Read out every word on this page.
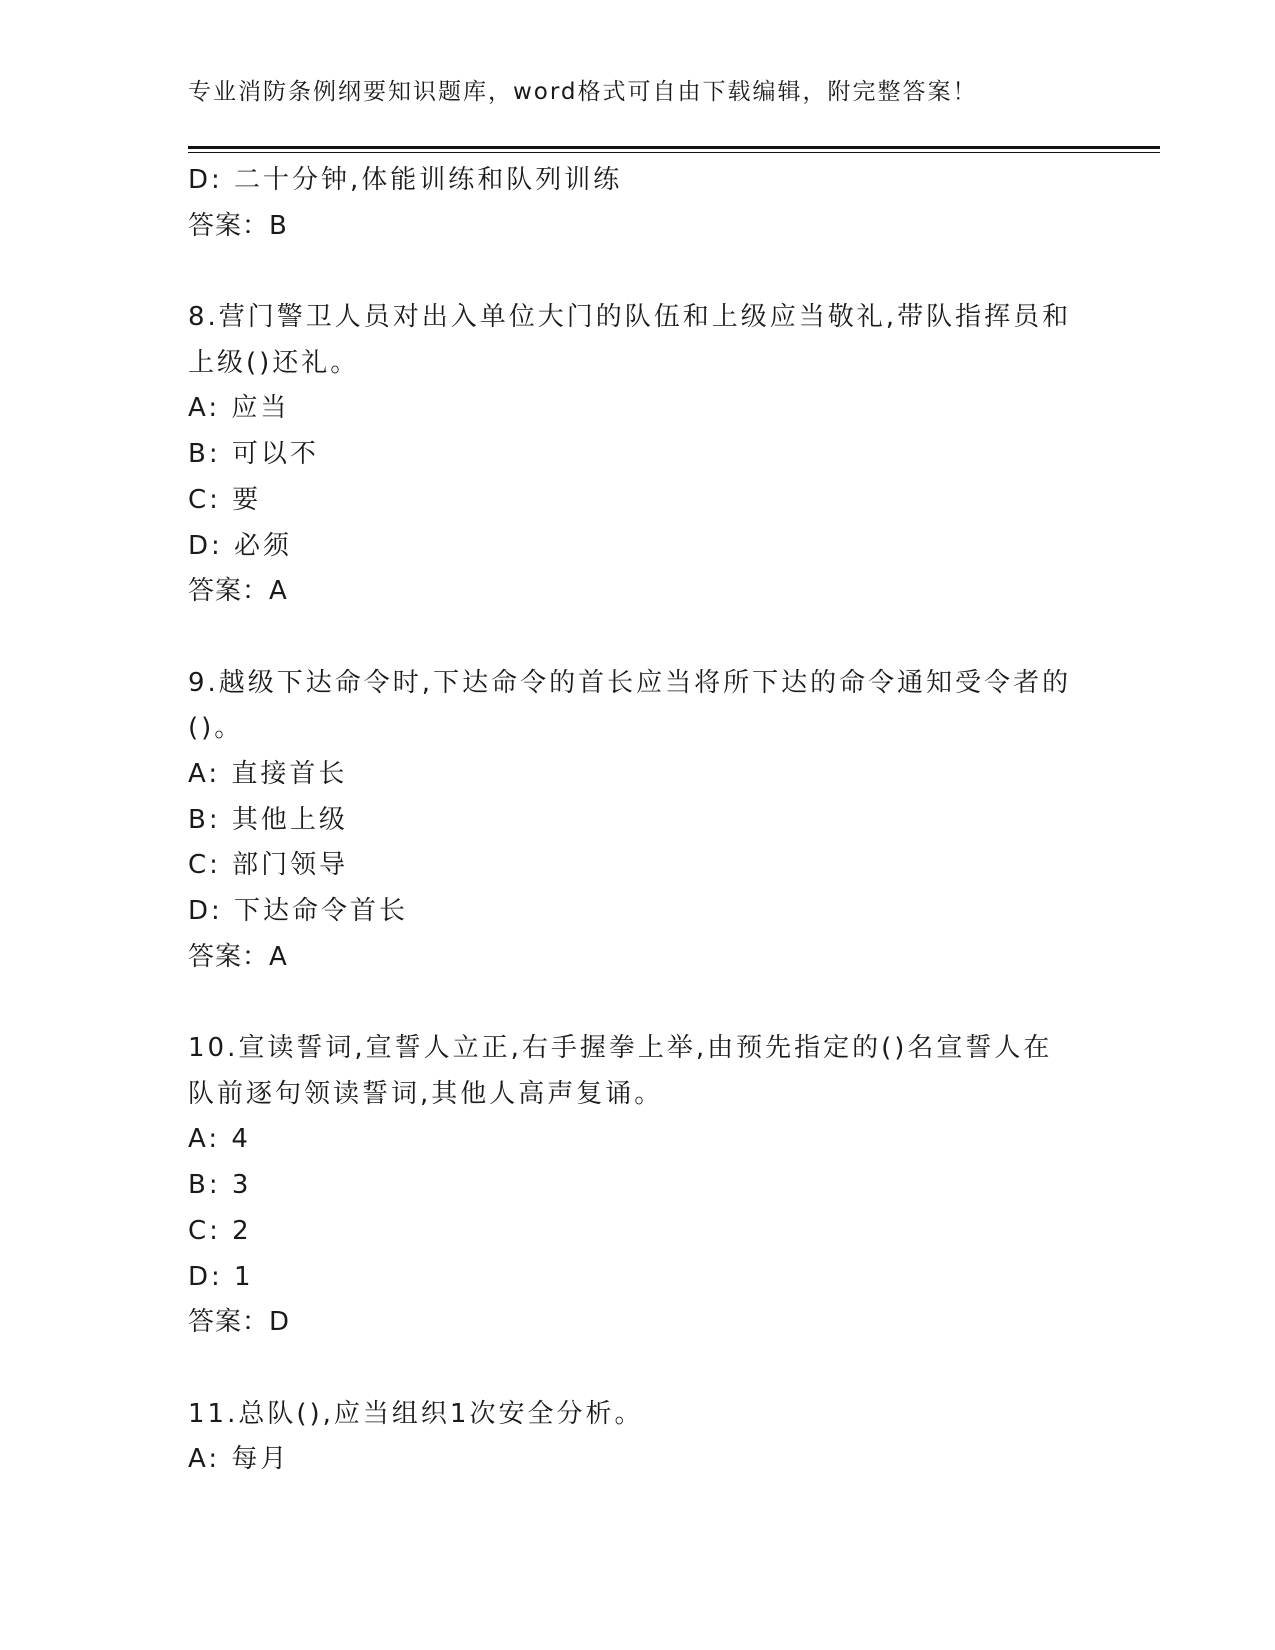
专业消防条例纲要知识题库，word格式可自由下载编辑，附完整答案！
D: 二十分钟,体能训练和队列训练
答案：B
8.营门警卫人员对出入单位大门的队伍和上级应当敬礼,带队指挥员和
上级()还礼。
A: 应当
B: 可以不
C: 要
D: 必须
答案：A
9.越级下达命令时,下达命令的首长应当将所下达的命令通知受令者的
()。
A: 直接首长
B: 其他上级
C: 部门领导
D: 下达命令首长
答案：A
10.宣读誓词,宣誓人立正,右手握拳上举,由预先指定的()名宣誓人在
队前逐句领读誓词,其他人高声复诵。
A: 4
B: 3
C: 2
D: 1
答案：D
11.总队(),应当组织1次安全分析。
A: 每月
